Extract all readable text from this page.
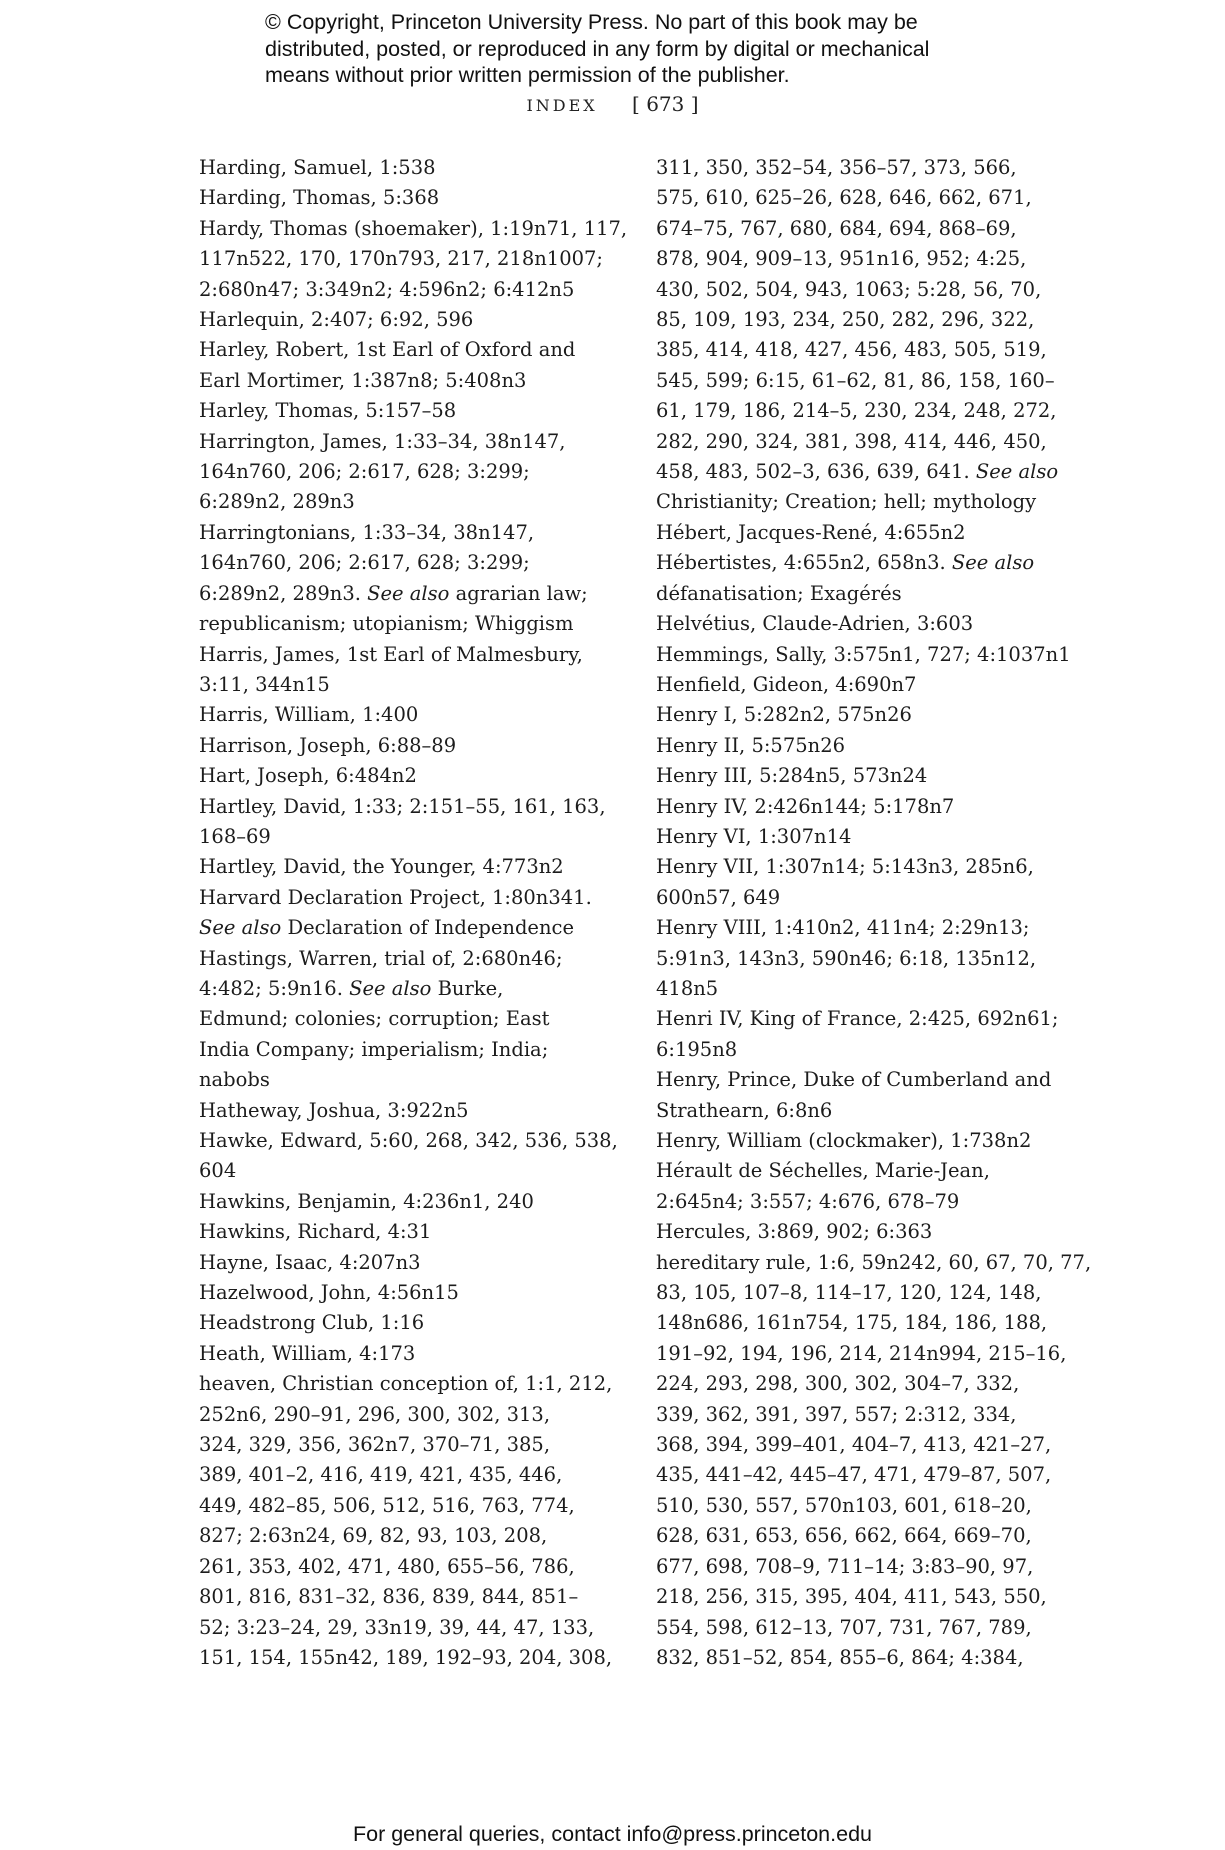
© Copyright, Princeton University Press. No part of this book may be
distributed, posted, or reproduced in any form by digital or mechanical
means without prior written permission of the publisher.
INDEX [ 673 ]
Harding, Samuel, 1:538
Harding, Thomas, 5:368
Hardy, Thomas (shoemaker), 1:19n71, 117,
117n522, 170, 170n793, 217, 218n1007;
2:680n47; 3:349n2; 4:596n2; 6:412n5
Harlequin, 2:407; 6:92, 596
Harley, Robert, 1st Earl of Oxford and
Earl Mortimer, 1:387n8; 5:408n3
Harley, Thomas, 5:157–58
Harrington, James, 1:33–34, 38n147,
164n760, 206; 2:617, 628; 3:299;
6:289n2, 289n3
Harringtonians, 1:33–34, 38n147,
164n760, 206; 2:617, 628; 3:299;
6:289n2, 289n3. See also agrarian law;
republicanism; utopianism; Whiggism
Harris, James, 1st Earl of Malmesbury,
3:11, 344n15
Harris, William, 1:400
Harrison, Joseph, 6:88–89
Hart, Joseph, 6:484n2
Hartley, David, 1:33; 2:151–55, 161, 163,
168–69
Hartley, David, the Younger, 4:773n2
Harvard Declaration Project, 1:80n341.
See also Declaration of Independence
Hastings, Warren, trial of, 2:680n46;
4:482; 5:9n16. See also Burke,
Edmund; colonies; corruption; East
India Company; imperialism; India;
nabobs
Hatheway, Joshua, 3:922n5
Hawke, Edward, 5:60, 268, 342, 536, 538,
604
Hawkins, Benjamin, 4:236n1, 240
Hawkins, Richard, 4:31
Hayne, Isaac, 4:207n3
Hazelwood, John, 4:56n15
Headstrong Club, 1:16
Heath, William, 4:173
heaven, Christian conception of, 1:1, 212,
252n6, 290–91, 296, 300, 302, 313,
324, 329, 356, 362n7, 370–71, 385,
389, 401–2, 416, 419, 421, 435, 446,
449, 482–85, 506, 512, 516, 763, 774,
827; 2:63n24, 69, 82, 93, 103, 208,
261, 353, 402, 471, 480, 655–56, 786,
801, 816, 831–32, 836, 839, 844, 851–
52; 3:23–24, 29, 33n19, 39, 44, 47, 133,
151, 154, 155n42, 189, 192–93, 204, 308,
311, 350, 352–54, 356–57, 373, 566,
575, 610, 625–26, 628, 646, 662, 671,
674–75, 767, 680, 684, 694, 868–69,
878, 904, 909–13, 951n16, 952; 4:25,
430, 502, 504, 943, 1063; 5:28, 56, 70,
85, 109, 193, 234, 250, 282, 296, 322,
385, 414, 418, 427, 456, 483, 505, 519,
545, 599; 6:15, 61–62, 81, 86, 158, 160–
61, 179, 186, 214–5, 230, 234, 248, 272,
282, 290, 324, 381, 398, 414, 446, 450,
458, 483, 502–3, 636, 639, 641. See also
Christianity; Creation; hell; mythology
Hébert, Jacques-René, 4:655n2
Hébertistes, 4:655n2, 658n3. See also
défanatisation; Exagérés
Helvétius, Claude-Adrien, 3:603
Hemmings, Sally, 3:575n1, 727; 4:1037n1
Henfield, Gideon, 4:690n7
Henry I, 5:282n2, 575n26
Henry II, 5:575n26
Henry III, 5:284n5, 573n24
Henry IV, 2:426n144; 5:178n7
Henry VI, 1:307n14
Henry VII, 1:307n14; 5:143n3, 285n6,
600n57, 649
Henry VIII, 1:410n2, 411n4; 2:29n13;
5:91n3, 143n3, 590n46; 6:18, 135n12,
418n5
Henri IV, King of France, 2:425, 692n61;
6:195n8
Henry, Prince, Duke of Cumberland and
Strathearn, 6:8n6
Henry, William (clockmaker), 1:738n2
Hérault de Séchelles, Marie-Jean,
2:645n4; 3:557; 4:676, 678–79
Hercules, 3:869, 902; 6:363
hereditary rule, 1:6, 59n242, 60, 67, 70, 77,
83, 105, 107–8, 114–17, 120, 124, 148,
148n686, 161n754, 175, 184, 186, 188,
191–92, 194, 196, 214, 214n994, 215–16,
224, 293, 298, 300, 302, 304–7, 332,
339, 362, 391, 397, 557; 2:312, 334,
368, 394, 399–401, 404–7, 413, 421–27,
435, 441–42, 445–47, 471, 479–87, 507,
510, 530, 557, 570n103, 601, 618–20,
628, 631, 653, 656, 662, 664, 669–70,
677, 698, 708–9, 711–14; 3:83–90, 97,
218, 256, 315, 395, 404, 411, 543, 550,
554, 598, 612–13, 707, 731, 767, 789,
832, 851–52, 854, 855–6, 864; 4:384,
For general queries, contact info@press.princeton.edu
